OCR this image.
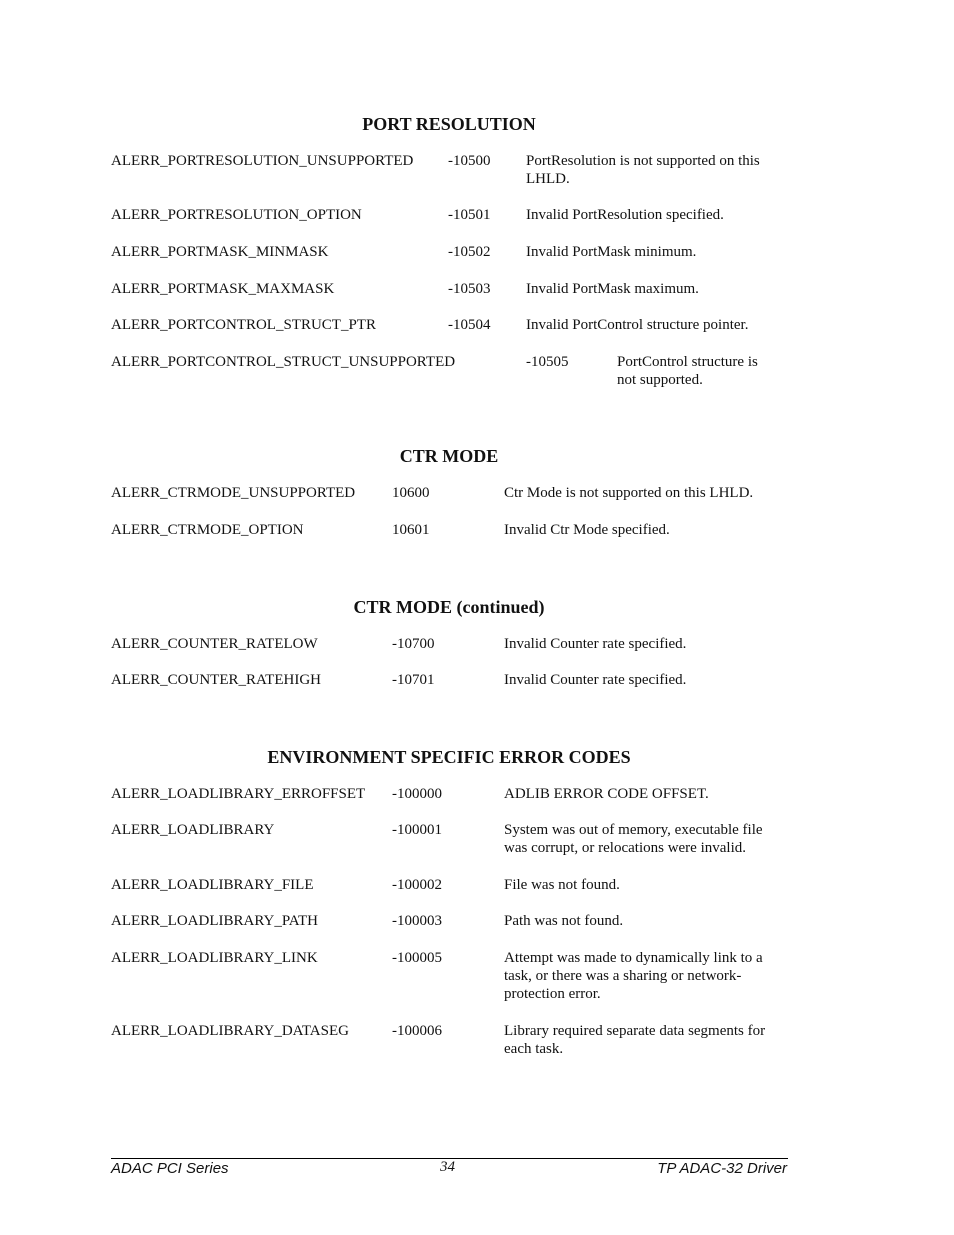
ADAC PCI Series	34	TP ADAC-32 Driver
PORT RESOLUTION
ALERR_PORTRESOLUTION_UNSUPPORTED -10500 PortResolution is not supported on this
LHLD.
ALERR_PORTRESOLUTION_OPTION	-10501 Invalid PortResolution specified.
ALERR_PORTMASK_MINMASK	-10502 Invalid PortMask minimum.
ALERR_PORTMASK_MAXMASK	-10503 Invalid PortMask maximum.
ALERR_PORTCONTROL_STRUCT_PTR	-10504 Invalid PortControl structure pointer.
ALERR_PORTCONTROL_STRUCT_UNSUPPORTED	-10505	PortControl structure is
not supported.
CTR MODE
ALERR_CTRMODE_UNSUPPORTED 10600	Ctr Mode is not supported on this LHLD.
ALERR_CTRMODE_OPTION	10601	Invalid Ctr Mode specified.
CTR MODE (continued)
ALERR_COUNTER_RATELOW	-10700	Invalid Counter rate specified.
ALERR_COUNTER_RATEHIGH	-10701	Invalid Counter rate specified.
ENVIRONMENT SPECIFIC ERROR CODES
ALERR_LOADLIBRARY_ERROFFSET -100000	ADLIB ERROR CODE OFFSET.
ALERR_LOADLIBRARY	-100001	System was out of memory, executable file
was corrupt, or relocations were invalid.
ALERR_LOADLIBRARY_FILE	-100002	File was not found.
ALERR_LOADLIBRARY_PATH	-100003	Path was not found.
ALERR_LOADLIBRARY_LINK	-100005	Attempt was made to dynamically link to a
task, or there was a sharing or network-
protection error.
ALERR_LOADLIBRARY_DATASEG	-100006	Library required separate data segments for
each task.
